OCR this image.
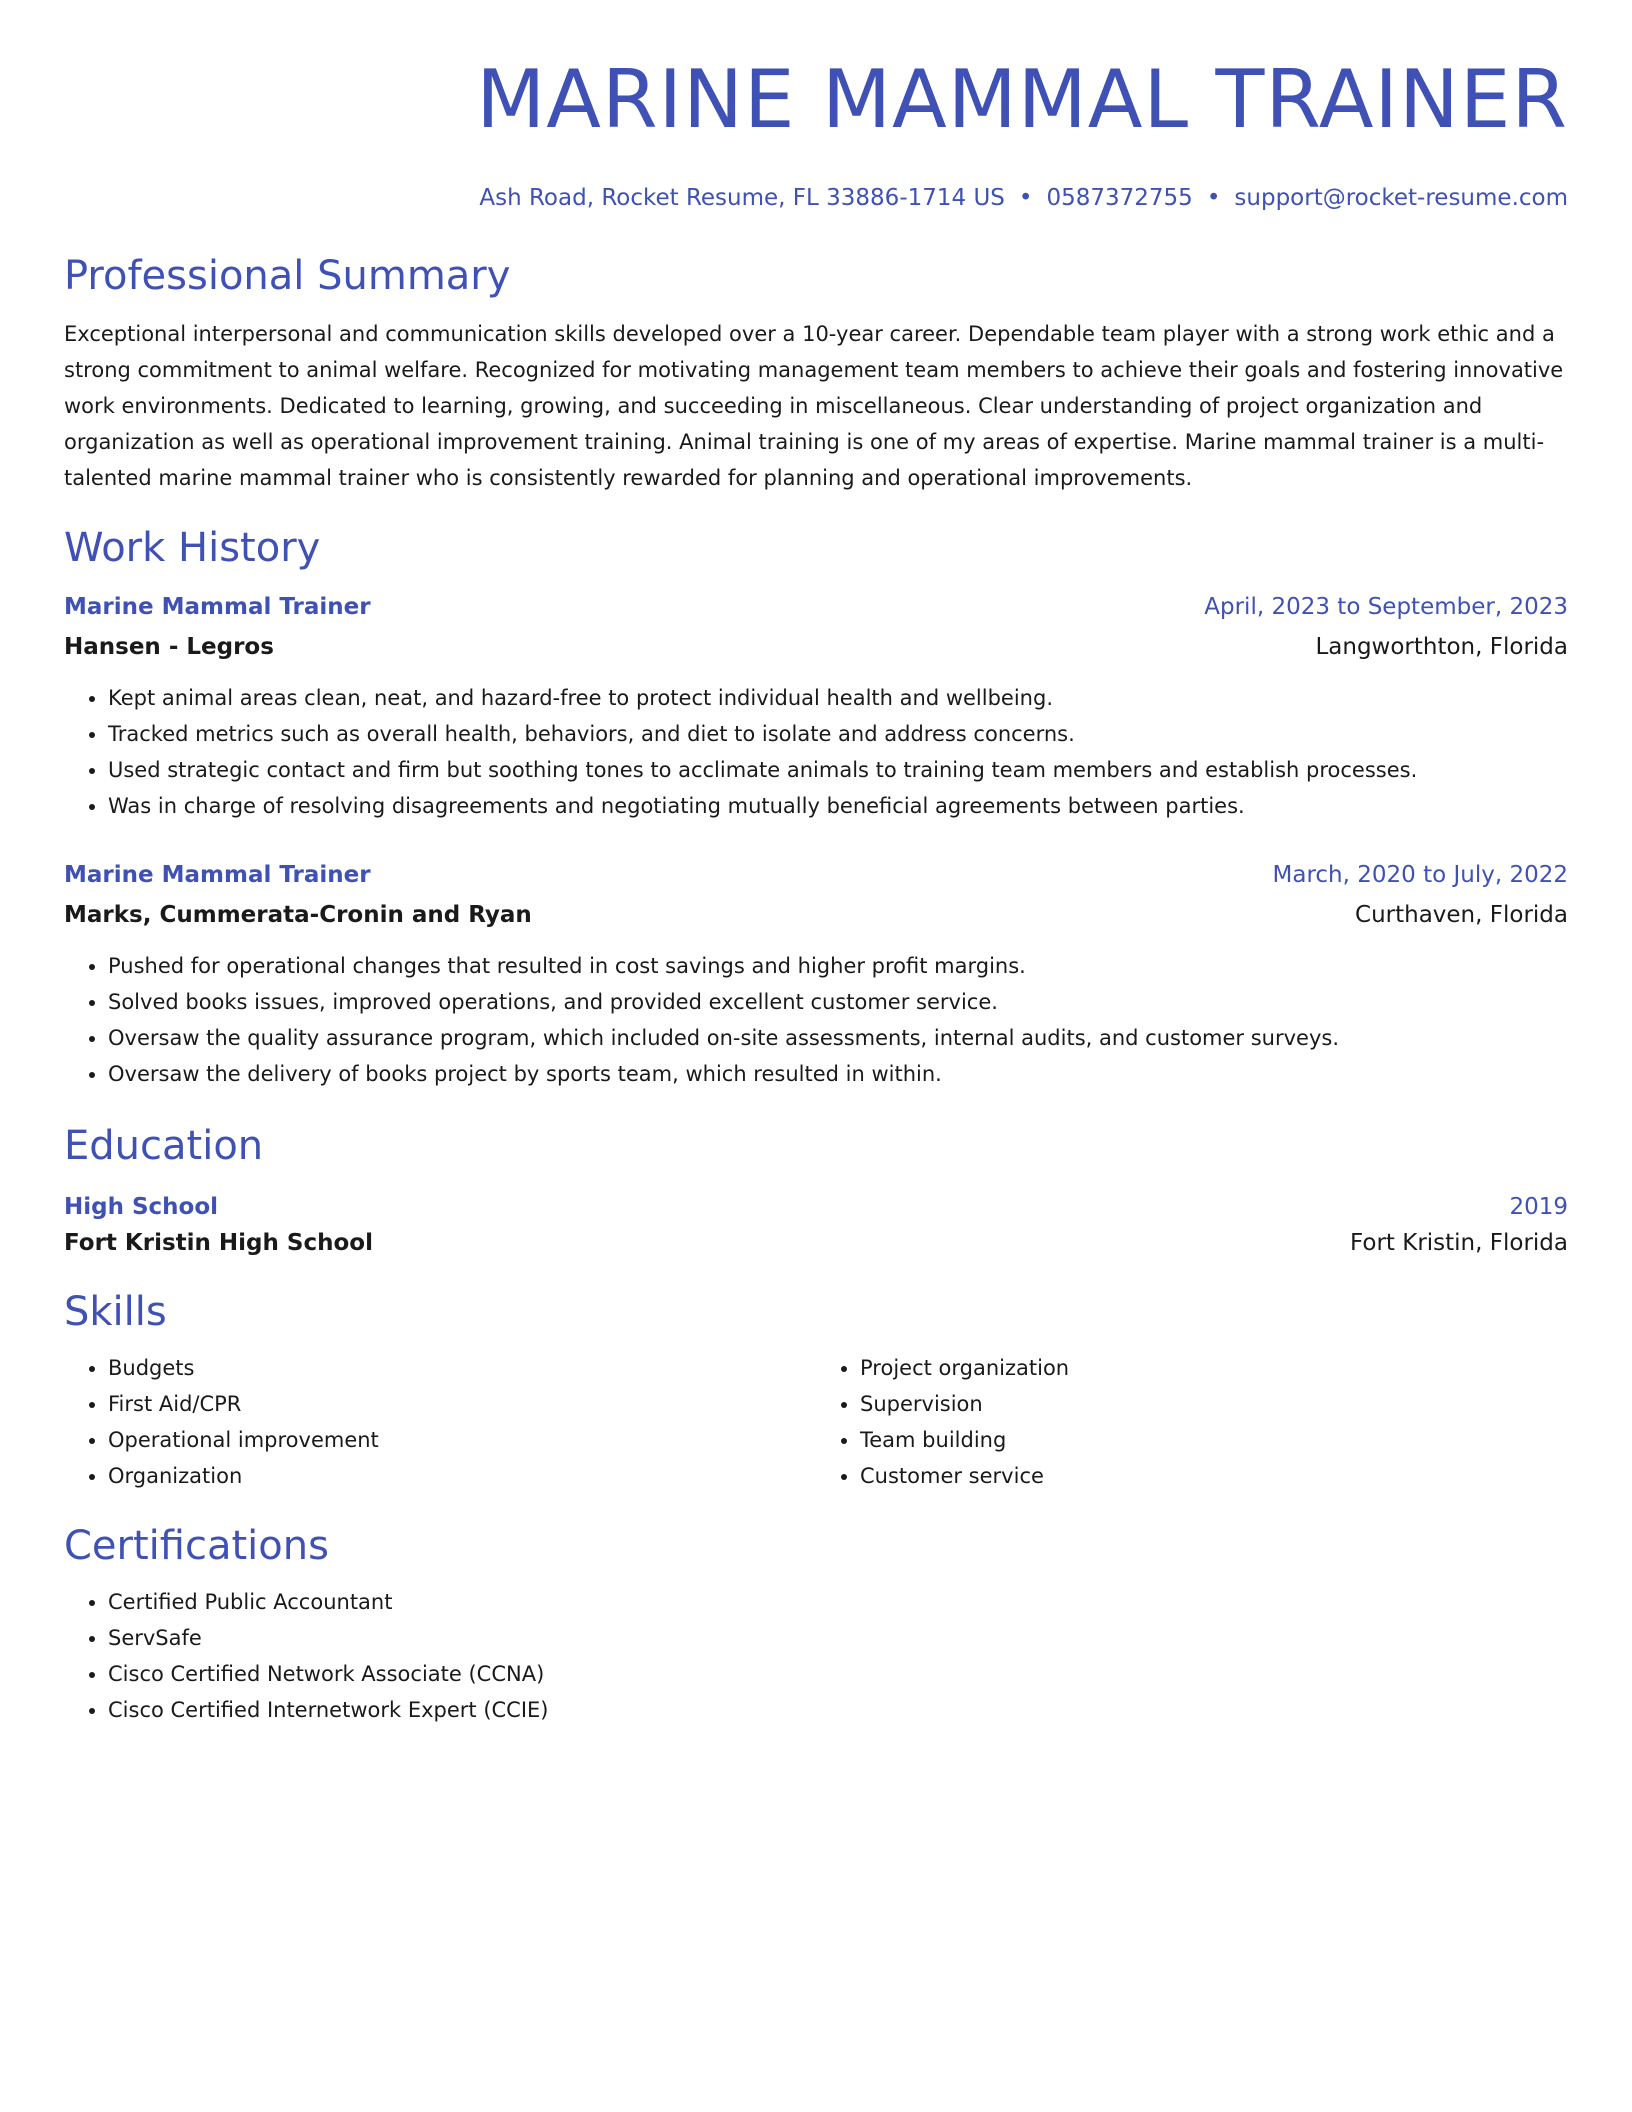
MARINE MAMMAL TRAINER
Ash Road, Rocket Resume, FL 33886-1714 US • 0587372755 • support@rocket-resume.com
Professional Summary
Exceptional interpersonal and communication skills developed over a 10-year career. Dependable team player with a strong work ethic and a strong commitment to animal welfare. Recognized for motivating management team members to achieve their goals and fostering innovative work environments. Dedicated to learning, growing, and succeeding in miscellaneous. Clear understanding of project organization and organization as well as operational improvement training. Animal training is one of my areas of expertise. Marine mammal trainer is a multi-talented marine mammal trainer who is consistently rewarded for planning and operational improvements.
Work History
Marine Mammal Trainer	April, 2023 to September, 2023
Hansen - Legros	Langworthton, Florida
• Kept animal areas clean, neat, and hazard-free to protect individual health and wellbeing.
• Tracked metrics such as overall health, behaviors, and diet to isolate and address concerns.
• Used strategic contact and firm but soothing tones to acclimate animals to training team members and establish processes.
• Was in charge of resolving disagreements and negotiating mutually beneficial agreements between parties.
Marine Mammal Trainer	March, 2020 to July, 2022
Marks, Cummerata-Cronin and Ryan	Curthaven, Florida
• Pushed for operational changes that resulted in cost savings and higher profit margins.
• Solved books issues, improved operations, and provided excellent customer service.
• Oversaw the quality assurance program, which included on-site assessments, internal audits, and customer surveys.
• Oversaw the delivery of books project by sports team, which resulted in within.
Education
High School	2019
Fort Kristin High School	Fort Kristin, Florida
Skills
• Budgets
• First Aid/CPR
• Operational improvement
• Organization
• Project organization
• Supervision
• Team building
• Customer service
Certifications
• Certified Public Accountant
• ServSafe
• Cisco Certified Network Associate (CCNA)
• Cisco Certified Internetwork Expert (CCIE)
